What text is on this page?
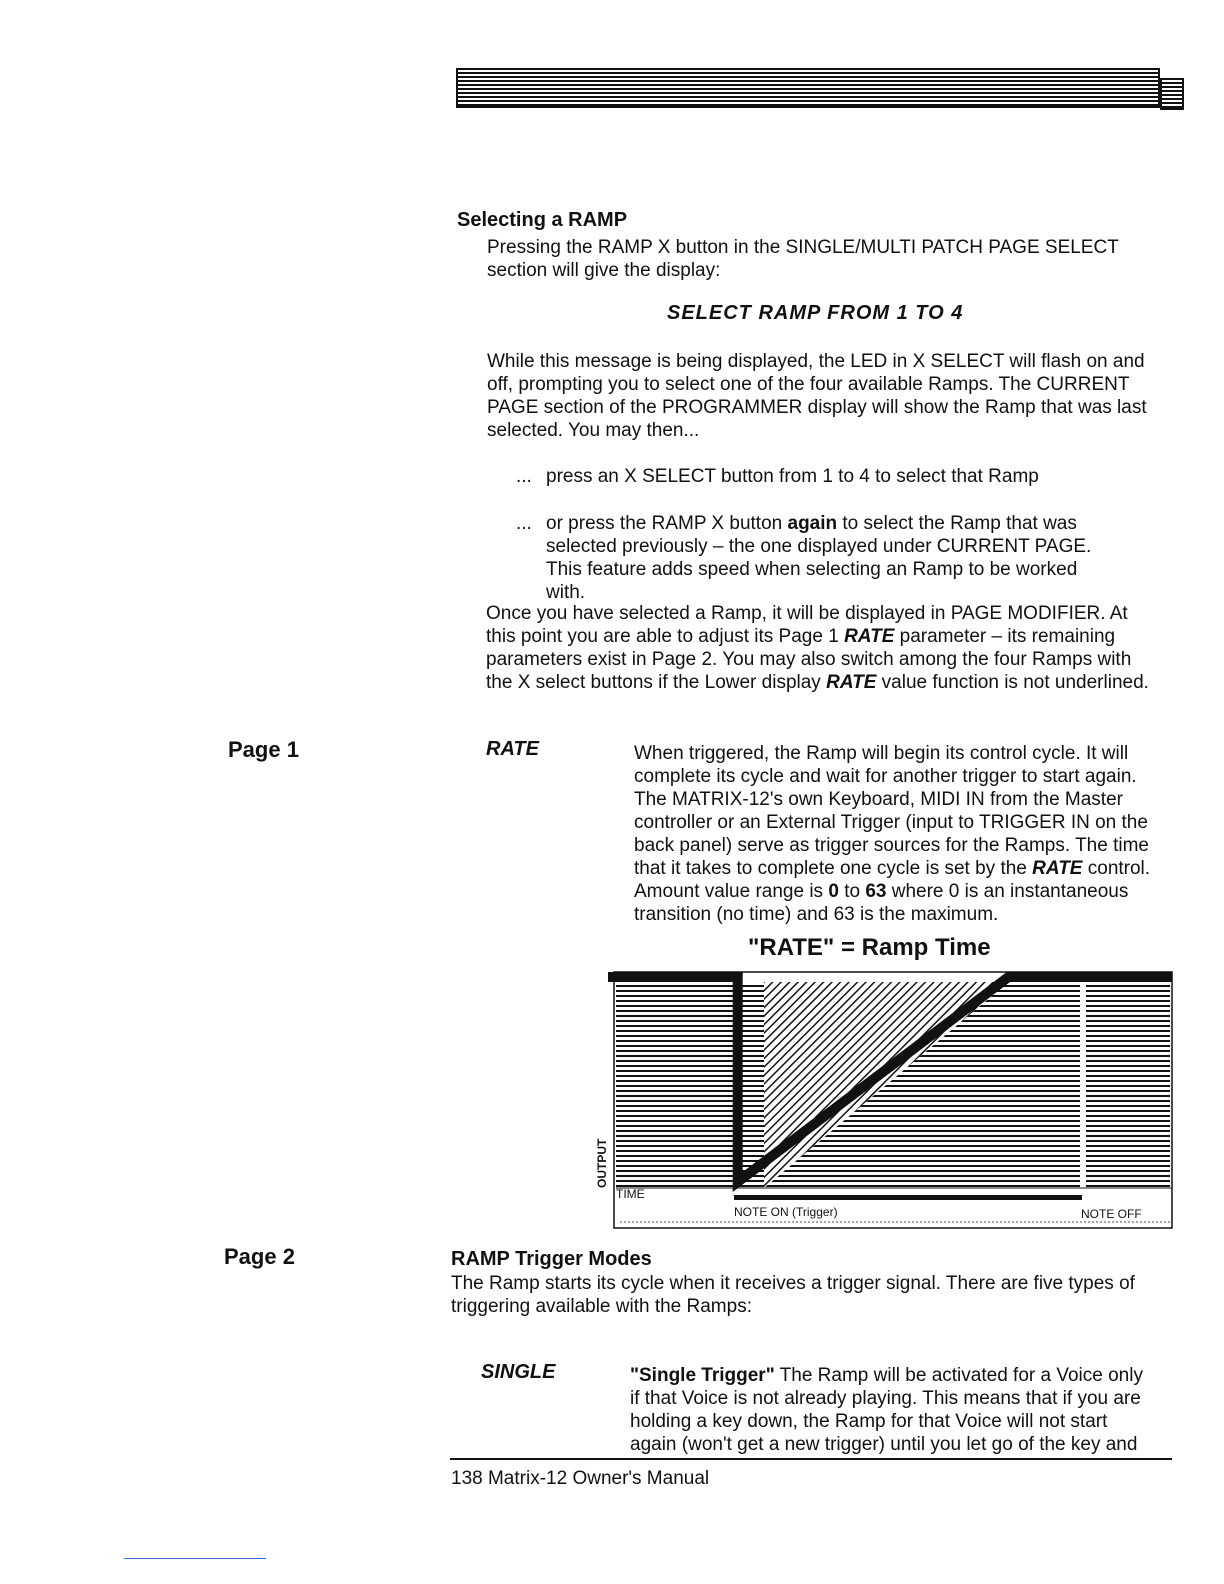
Selecting a RAMP
Pressing the RAMP X button in the SINGLE/MULTI PATCH PAGE SELECT section will give the display:
SELECT RAMP FROM 1 TO 4
While this message is being displayed, the LED in X SELECT will flash on and off, prompting you to select one of the four available Ramps. The CURRENT PAGE section of the PROGRAMMER display will show the Ramp that was last selected. You may then...
... press an X SELECT button from 1 to 4 to select that Ramp
... or press the RAMP X button again to select the Ramp that was selected previously – the one displayed under CURRENT PAGE. This feature adds speed when selecting an Ramp to be worked with.
Once you have selected a Ramp, it will be displayed in PAGE MODIFIER. At this point you are able to adjust its Page 1 RATE parameter – its remaining parameters exist in Page 2. You may also switch among the four Ramps with the X select buttons if the Lower display RATE value function is not underlined.
Page 1	RATE	When triggered, the Ramp will begin its control cycle. It will complete its cycle and wait for another trigger to start again. The MATRIX-12's own Keyboard, MIDI IN from the Master controller or an External Trigger (input to TRIGGER IN on the back panel) serve as trigger sources for the Ramps. The time that it takes to complete one cycle is set by the RATE control. Amount value range is 0 to 63 where 0 is an instantaneous transition (no time) and 63 is the maximum.
"RATE" = Ramp Time
TIME
OUTPUT
NOTE ON (Trigger)	NOTE OFF
Page 2	RAMP Trigger Modes
The Ramp starts its cycle when it receives a trigger signal. There are five types of triggering available with the Ramps:
SINGLE	"Single Trigger" The Ramp will be activated for a Voice only if that Voice is not already playing. This means that if you are holding a key down, the Ramp for that Voice will not start again (won't get a new trigger) until you let go of the key and
138 Matrix-12 Owner's Manual
